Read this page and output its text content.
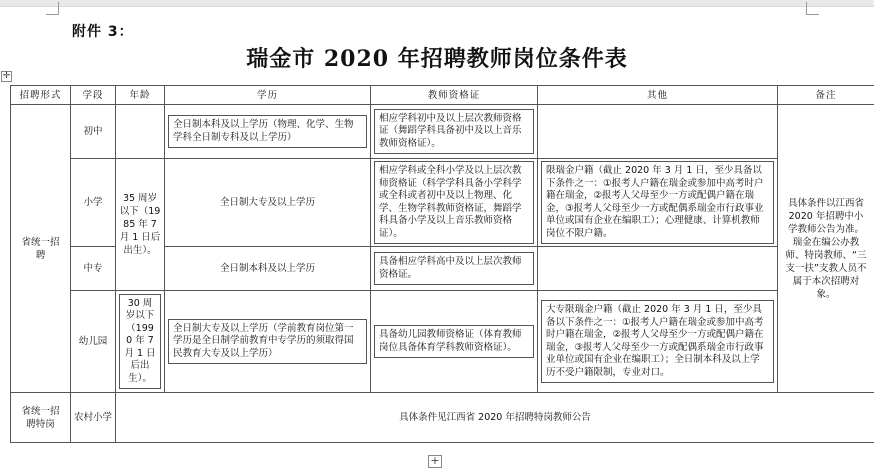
附件 3：
瑞金市 2020 年招聘教师岗位条件表
✛
招聘形式	学段	年龄	学历	教师资格证	其他	备注

省统一招聘	初中		全日制本科及以上学历（物理、化学、生物学科全日制专科及以上学历）	相应学科初中及以上层次教师资格证（舞蹈学科具备初中及以上音乐教师资格证）。		具体条件以江西省 2020 年招聘中小学教师公告为准。瑞金在编公办教师、特岗教师、“三支一扶”支教人员不属于本次招聘对象。

	小学	35 周岁以下（1985 年 7 月 1 日后出生）。	全日制大专及以上学历	相应学科或全科小学及以上层次教师资格证（科学学科具备小学科学或全科或者初中及以上物理、化学、生物学科教师资格证，舞蹈学科具备小学及以上音乐教师资格证）。	限瑞金户籍（截止 2020 年 3 月 1 日，至少具备以下条件之一：①报考人户籍在瑞金或参加中高考时户籍在瑞金，②报考人父母至少一方或配偶户籍在瑞金，③报考人父母至少一方或配偶系瑞金市行政事业单位或国有企业在编职工）；心理健康、计算机教师岗位不限户籍。	

	中专		全日制本科及以上学历	具备相应学科高中及以上层次教师资格证。		

	幼儿园	30 周岁以下（1990 年 7 月 1 日后出生）。	全日制大专及以上学历（学前教育岗位第一学历是全日制学前教育中专学历的须取得国民教育大专及以上学历）	具备幼儿园教师资格证（体育教师岗位具备体育学科教师资格证）。	大专限瑞金户籍（截止 2020 年 3 月 1 日，至少具备以下条件之一：①报考人户籍在瑞金或参加中高考时户籍在瑞金，②报考人父母至少一方或配偶户籍在瑞金，③报考人父母至少一方或配偶系瑞金市行政事业单位或国有企业在编职工）；全日制本科及以上学历不受户籍限制，专业对口。	

省统一招聘特岗	农村小学	具体条件见江西省 2020 年招聘特岗教师公告				
+
